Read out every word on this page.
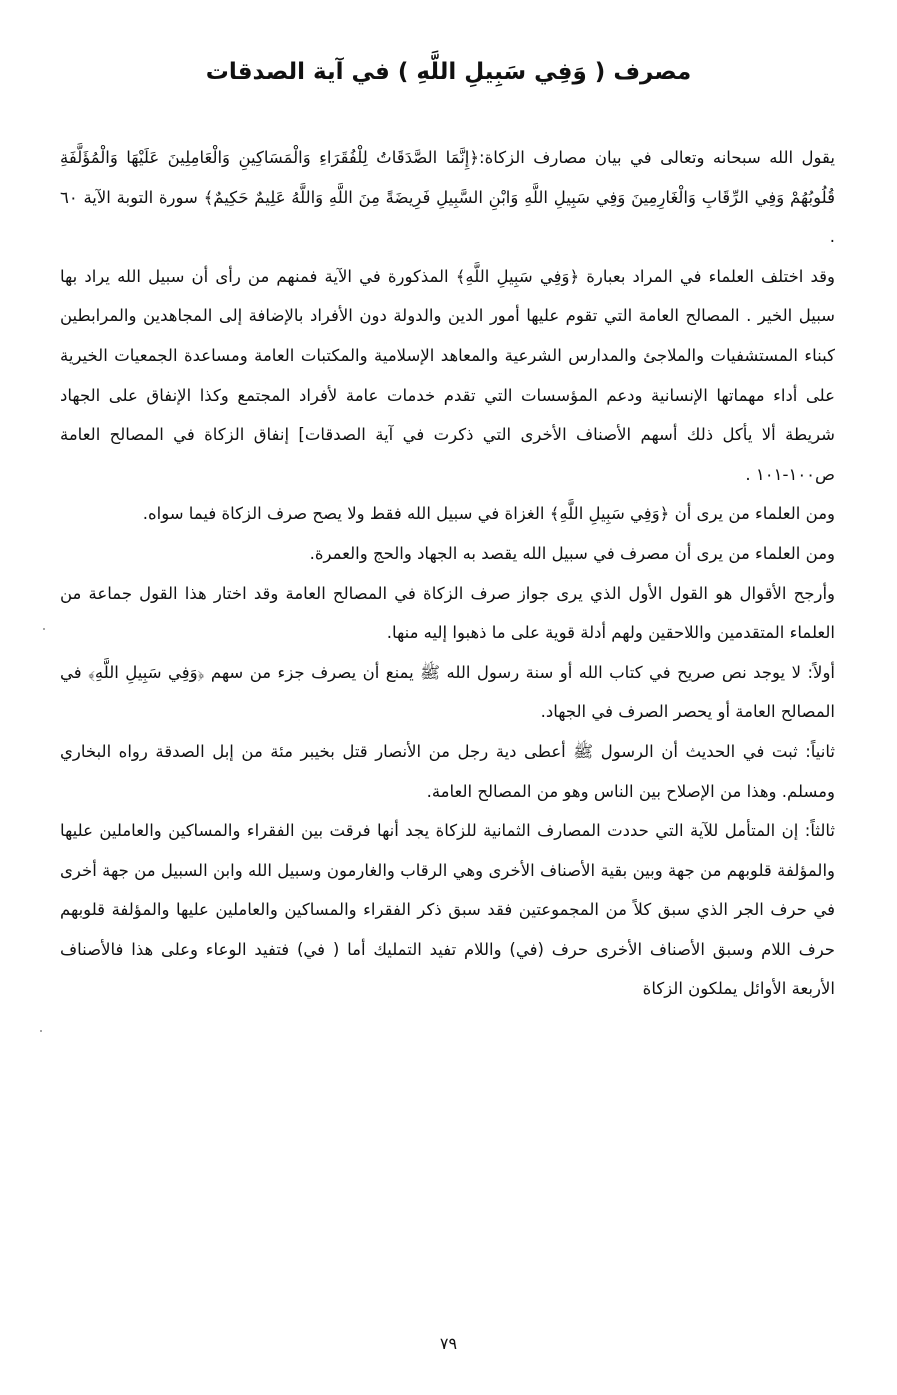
مصرف ( وَفِي سَبِيلِ اللَّهِ ) في آية الصدقات

يقول الله سبحانه وتعالى في بيان مصارف الزكاة:﴿إِنَّمَا الصَّدَقَاتُ لِلْفُقَرَاءِ وَالْمَسَاكِينِ وَالْعَامِلِينَ عَلَيْهَا وَالْمُؤَلَّفَةِ قُلُوبُهُمْ وَفِي الرِّقَابِ وَالْغَارِمِينَ وَفِي سَبِيلِ اللَّهِ وَابْنِ السَّبِيلِ فَرِيضَةً مِنَ اللَّهِ وَاللَّهُ عَلِيمٌ حَكِيمٌ﴾ سورة التوبة الآية ٦٠ .

وقد اختلف العلماء في المراد بعبارة ﴿وَفِي سَبِيلِ اللَّهِ﴾ المذكورة في الآية فمنهم من رأى أن سبيل الله يراد بها سبيل الخير . المصالح العامة التي تقوم عليها أمور الدين والدولة دون الأفراد بالإضافة إلى المجاهدين والمرابطين كبناء المستشفيات والملاجئ والمدارس الشرعية والمعاهد الإسلامية والمكتبات العامة ومساعدة الجمعيات الخيرية على أداء مهماتها الإنسانية ودعم المؤسسات التي تقدم خدمات عامة لأفراد المجتمع وكذا الإنفاق على الجهاد شريطة ألا يأكل ذلك أسهم الأصناف الأخرى التي ذكرت في آية الصدقات] إنفاق الزكاة في المصالح العامة ص١٠٠-١٠١ .

ومن العلماء من يرى أن ﴿وَفِي سَبِيلِ اللَّهِ﴾ الغزاة في سبيل الله فقط ولا يصح صرف الزكاة فيما سواه.

ومن العلماء من يرى أن مصرف في سبيل الله يقصد به الجهاد والحج والعمرة.

وأرجح الأقوال هو القول الأول الذي يرى جواز صرف الزكاة في المصالح العامة وقد اختار هذا القول جماعة من العلماء المتقدمين واللاحقين ولهم أدلة قوية على ما ذهبوا إليه منها.

أولاً: لا يوجد نص صريح في كتاب الله أو سنة رسول الله ﷺ يمنع أن يصرف جزء من سهم ﴿وَفِي سَبِيلِ اللَّهِ﴾ في المصالح العامة أو يحصر الصرف في الجهاد.

ثانياً: ثبت في الحديث أن الرسول ﷺ أعطى دية رجل من الأنصار قتل بخيبر مئة من إبل الصدقة رواه البخاري ومسلم. وهذا من الإصلاح بين الناس وهو من المصالح العامة.

ثالثاً: إن المتأمل للآية التي حددت المصارف الثمانية للزكاة يجد أنها فرقت بين الفقراء والمساكين والعاملين عليها والمؤلفة قلوبهم من جهة وبين بقية الأصناف الأخرى وهي الرقاب والغارمون وسبيل الله وابن السبيل من جهة أخرى في حرف الجر الذي سبق كلاً من المجموعتين فقد سبق ذكر الفقراء والمساكين والعاملين عليها والمؤلفة قلوبهم حرف اللام وسبق الأصناف الأخرى حرف (في) واللام تفيد التمليك أما ( في) فتفيد الوعاء وعلى هذا فالأصناف الأربعة الأوائل يملكون الزكاة

٧٩
